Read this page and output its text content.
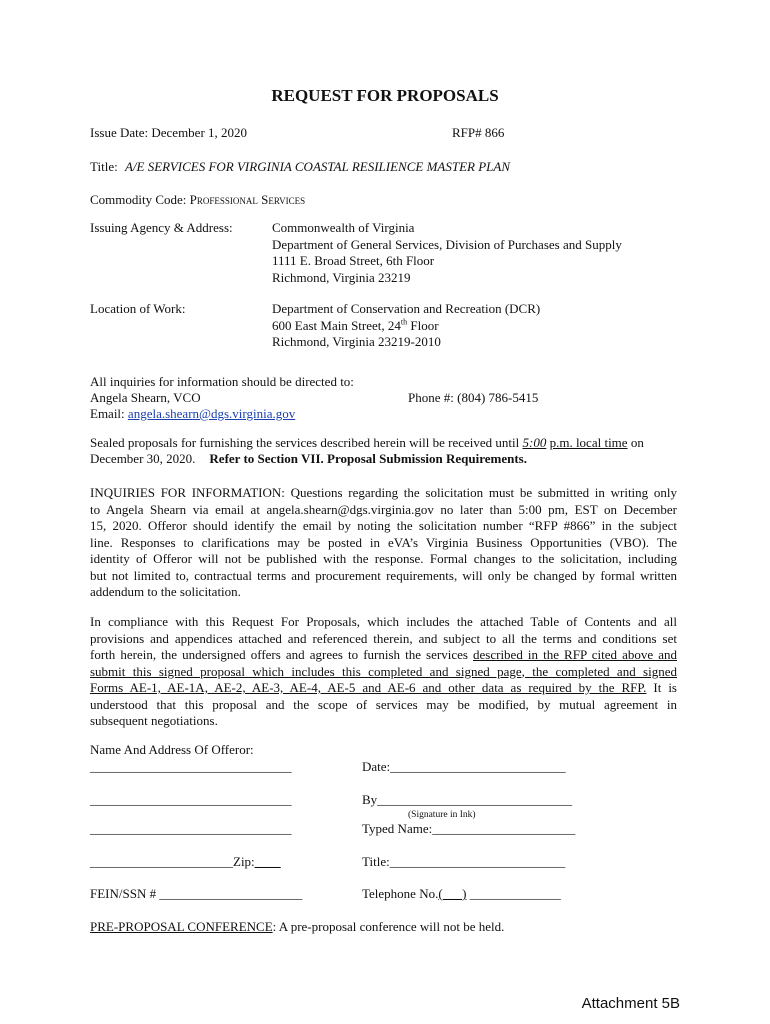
REQUEST FOR PROPOSALS
Issue Date: December 1, 2020	RFP# 866
Title: A/E SERVICES FOR VIRGINIA COASTAL RESILIENCE MASTER PLAN
Commodity Code: Professional Services
Issuing Agency & Address:	Commonwealth of Virginia
Department of General Services, Division of Purchases and Supply
1111 E. Broad Street, 6th Floor
Richmond, Virginia 23219
Location of Work:	Department of Conservation and Recreation (DCR)
600 East Main Street, 24th Floor
Richmond, Virginia 23219-2010
All inquiries for information should be directed to:
Angela Shearn, VCO	Phone #: (804) 786-5415
Email: angela.shearn@dgs.virginia.gov
Sealed proposals for furnishing the services described herein will be received until 5:00 p.m. local time on
December 30, 2020. Refer to Section VII. Proposal Submission Requirements.
INQUIRIES FOR INFORMATION: Questions regarding the solicitation must be submitted in writing only
to Angela Shearn via email at angela.shearn@dgs.virginia.gov no later than 5:00 pm, EST on December
15, 2020. Offeror should identify the email by noting the solicitation number “RFP #866” in the subject
line. Responses to clarifications may be posted in eVA’s Virginia Business Opportunities (VBO). The
identity of Offeror will not be published with the response. Formal changes to the solicitation, including
but not limited to, contractual terms and procurement requirements, will only be changed by formal written
addendum to the solicitation.
In compliance with this Request For Proposals, which includes the attached Table of Contents and all
provisions and appendices attached and referenced therein, and subject to all the terms and conditions set
forth herein, the undersigned offers and agrees to furnish the services described in the RFP cited above and
submit this signed proposal which includes this completed and signed page, the completed and signed
Forms AE-1, AE-1A, AE-2, AE-3, AE-4, AE-5 and AE-6 and other data as required by the RFP. It is
understood that this proposal and the scope of services may be modified, by mutual agreement in
subsequent negotiations.
Name And Address Of Offeror:
_______________________________	Date:___________________________
_______________________________	By______________________________
(Signature in Ink)
_______________________________	Typed Name:______________________
______________________Zip:____	Title:___________________________
FEIN/SSN # ______________________	Telephone No.(___) ______________
PRE-PROPOSAL CONFERENCE: A pre-proposal conference will not be held.
Attachment 5B
